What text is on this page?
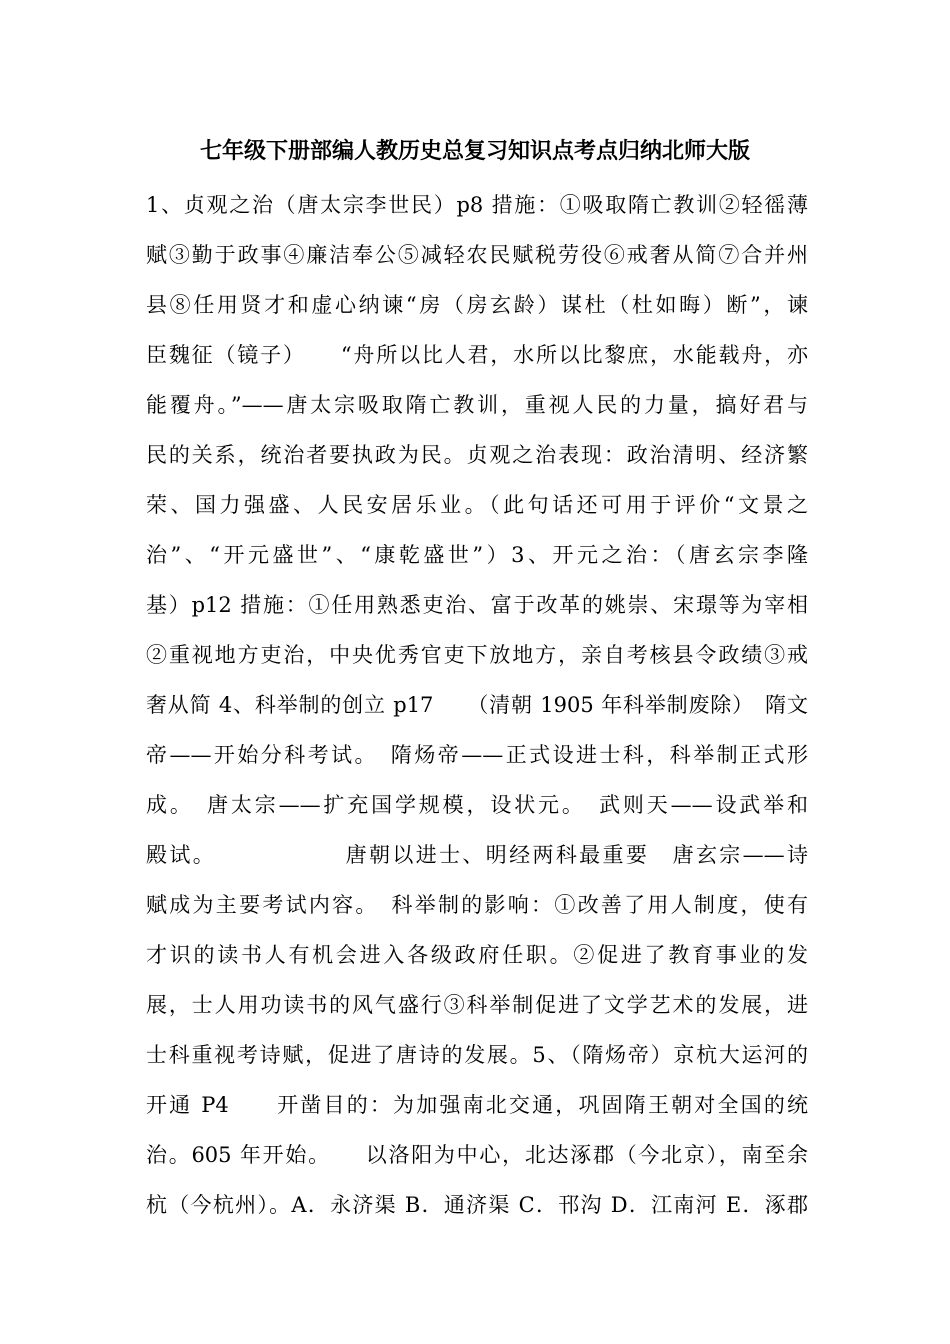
七年级下册部编人教历史总复习知识点考点归纳北师大版
1、贞观之治（唐太宗李世民）p8 措施：①吸取隋亡教训②轻徭薄
赋③勤于政事④廉洁奉公⑤减轻农民赋税劳役⑥戒奢从简⑦合并州
县⑧任用贤才和虚心纳谏“房（房玄龄）谋杜（杜如晦）断”，谏
臣魏征（镜子）　　“舟所以比人君，水所以比黎庶，水能载舟，亦
能覆舟。”——唐太宗吸取隋亡教训，重视人民的力量，搞好君与
民的关系，统治者要执政为民。贞观之治表现：政治清明、经济繁
荣、国力强盛、人民安居乐业。（此句话还可用于评价“文景之
治”、“开元盛世”、“康乾盛世”）3、开元之治：（唐玄宗李隆
基）p12 措施：①任用熟悉吏治、富于改革的姚崇、宋璟等为宰相
②重视地方吏治，中央优秀官吏下放地方，亲自考核县令政绩③戒
奢从简 4、科举制的创立 p17　　（清朝 1905 年科举制废除）　隋文
帝——开始分科考试。　隋炀帝——正式设进士科，科举制正式形
成。　唐太宗——扩充国学规模，设状元。　武则天——设武举和
殿试。　　　　　　唐朝以进士、明经两科最重要　唐玄宗——诗
赋成为主要考试内容。　科举制的影响：①改善了用人制度，使有
才识的读书人有机会进入各级政府任职。②促进了教育事业的发
展，士人用功读书的风气盛行③科举制促进了文学艺术的发展，进
士科重视考诗赋，促进了唐诗的发展。5、（隋炀帝）京杭大运河的
开通 P4　　开凿目的：为加强南北交通，巩固隋王朝对全国的统
治。605 年开始。　　以洛阳为中心，北达涿郡（今北京），南至余
杭（今杭州）。A．永济渠 B．通济渠 C．邗沟 D．江南河 E．涿郡
